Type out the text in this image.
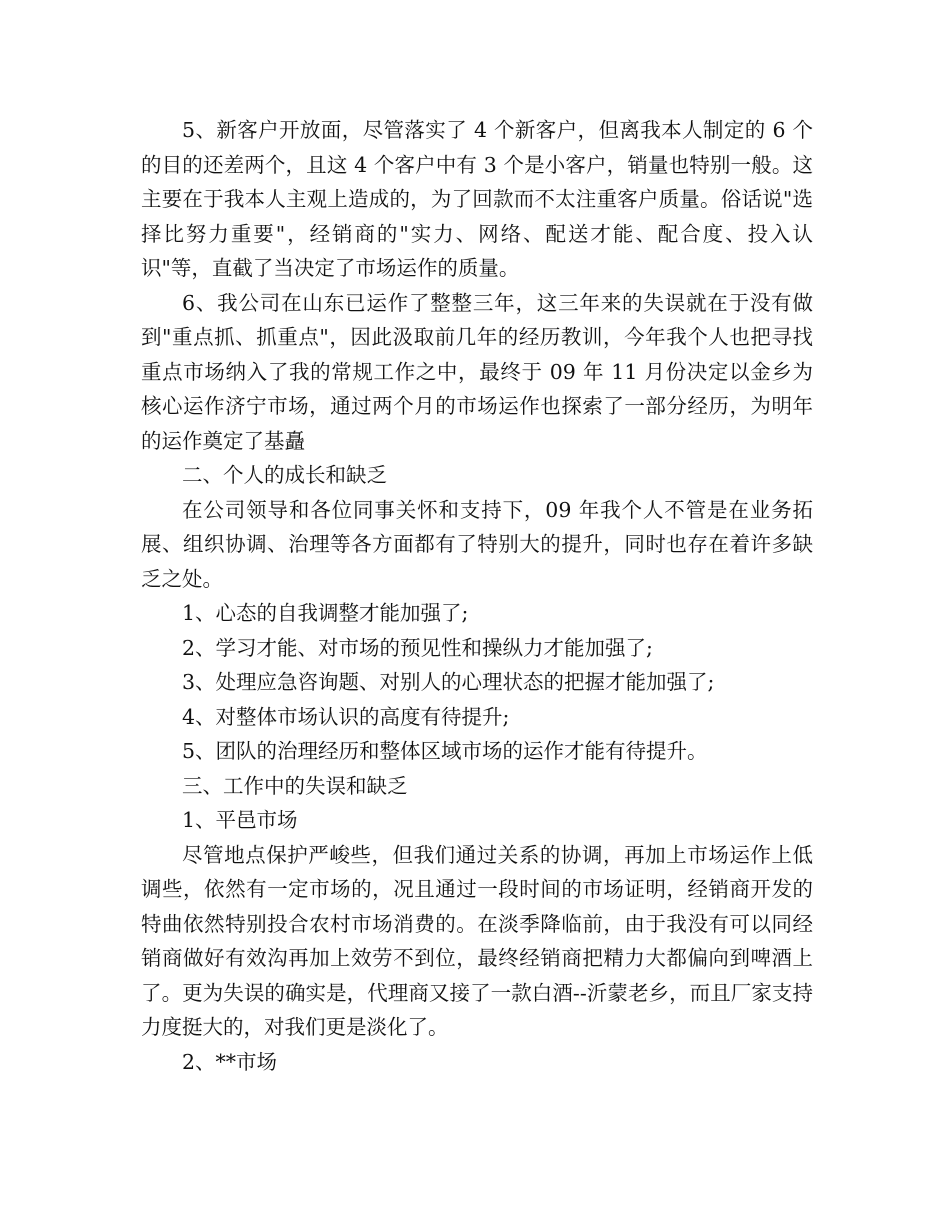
5、新客户开放面，尽管落实了 4 个新客户，但离我本人制定的 6 个的目的还差两个，且这 4 个客户中有 3 个是小客户，销量也特别一般。这主要在于我本人主观上造成的，为了回款而不太注重客户质量。俗话说"选择比努力重要"，经销商的"实力、网络、配送才能、配合度、投入认识"等，直截了当决定了市场运作的质量。

6、我公司在山东已运作了整整三年，这三年来的失误就在于没有做到"重点抓、抓重点"，因此汲取前几年的经历教训，今年我个人也把寻找重点市场纳入了我的常规工作之中，最终于 09 年 11 月份决定以金乡为核心运作济宁市场，通过两个月的市场运作也探索了一部分经历，为明年的运作奠定了基矗

二、个人的成长和缺乏

在公司领导和各位同事关怀和支持下，09 年我个人不管是在业务拓展、组织协调、治理等各方面都有了特别大的提升，同时也存在着许多缺乏之处。

1、心态的自我调整才能加强了;

2、学习才能、对市场的预见性和操纵力才能加强了;

3、处理应急咨询题、对别人的心理状态的把握才能加强了;

4、对整体市场认识的高度有待提升;

5、团队的治理经历和整体区域市场的运作才能有待提升。

三、工作中的失误和缺乏

1、平邑市场

尽管地点保护严峻些，但我们通过关系的协调，再加上市场运作上低调些，依然有一定市场的，况且通过一段时间的市场证明，经销商开发的特曲依然特别投合农村市场消费的。在淡季降临前，由于我没有可以同经销商做好有效沟再加上效劳不到位，最终经销商把精力大都偏向到啤酒上了。更为失误的确实是，代理商又接了一款白酒--沂蒙老乡，而且厂家支持力度挺大的，对我们更是淡化了。

2、**市场
